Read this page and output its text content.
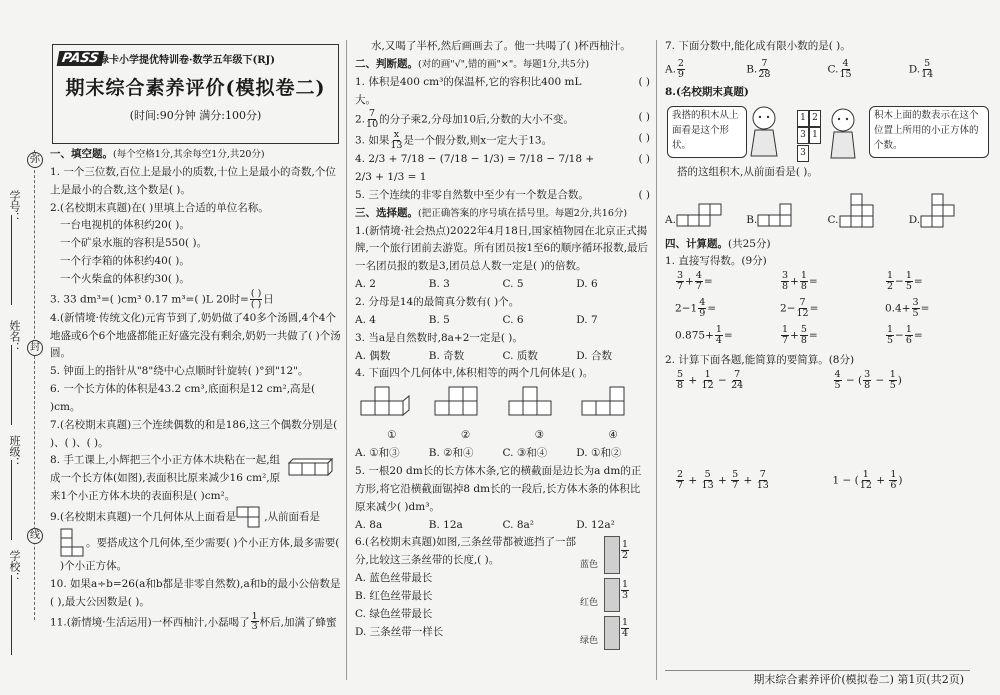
学号：
姓名：
班级：
学校：
弥
封
线
PASS 绿卡小学提优特训卷·数学五年级下(RJ)
期末综合素养评价(模拟卷二)
(时间:90分钟 满分:100分)

一、填空题。(每个空格1分,其余每空1分,共20分)

1. 一个三位数,百位上是最小的质数,十位上是最小的奇数,个位上是最小的合数,这个数是( )。

2.(名校期末真题)在( )里填上合适的单位名称。

一台电视机的体积约20( )。

一个矿泉水瓶的容积是550( )。

一个行李箱的体积约40( )。

一个火柴盒的体积约30( )。

3. 33 dm³=( )cm³ 0.17 m³=( )L 20时= $\frac{( )}{( )}$ 日

4.(新情境·传统文化)元宵节到了,奶奶做了40多个汤圆,4个4个地盛或6个6个地盛都能正好盛完没有剩余,奶奶一共做了( )个汤圆。

5. 钟面上的指针从"8"绕中心点顺时针旋转( )°到"12"。

6. 一个长方体的体积是43.2 cm³,底面积是12 cm²,高是( )cm。

7.(名校期末真题)三个连续偶数的和是186,这三个偶数分别是( )、( )、( )。

8. 手工课上,小辉把三个小正方体木块粘在一起,组成一个长方体(如图),表面积比原来减少16 cm²,原来1个小正方体木块的表面积是( )cm²。

9.(名校期末真题)一个几何体从上面看是	,从前面看是

。要搭成这个几何体,至少需要( )个小正方体,最多需要( )个小正方体。

10. 如果a÷b=26(a和b都是非零自然数),a和b的最小公倍数是( ),最大公因数是( )。

11.(新情境·生活运用)一杯西柚汁,小磊喝了 $\frac{1}{3}$ 杯后,加满了蜂蜜

水,又喝了半杯,然后画画去了。他一共喝了( )杯西柚汁。

二、判断题。(对的画"√",错的画"×"。每题1分,共5分)

1. 体积是400 cm³的保温杯,它的容积比400 mL大。
( )

2. $\frac{7}{10}$ 的分子乘2,分母加10后,分数的大小不变。	( )

3. 如果 $\frac{x}{13}$ 是一个假分数,则x一定大于13。	( )

4. 2/3 + 7/18 − (7/18 − 1/3) = 7/18 − 7/18 + 2/3 + 1/3 = 1
( )

5. 三个连续的非零自然数中至少有一个数是合数。	( )

三、选择题。(把正确答案的序号填在括号里。每题2分,共16分)

1.(新情境·社会热点)2022年4月18日,国家植物园在北京正式揭牌,一个旅行团前去游览。所有团员按1至6的顺序循环报数,最后一名团员报的数是3,团员总人数一定是( )的倍数。

A. 2	B. 3	C. 5	D. 6

2. 分母是14的最简真分数有( )个。

A. 4	B. 5	C. 6	D. 7

3. 当a是自然数时,8a+2一定是( )。

A. 偶数	B. 奇数	C. 质数	D. 合数

4. 下面四个几何体中,体积相等的两个几何体是( )。

①	②	③	④

A. ①和③	B. ②和④	C. ③和④	D. ①和②

5. 一根20 dm长的长方体木条,它的横截面是边长为a dm的正方形,将它沿横截面锯掉8 dm长的一段后,长方体木条的体积比原来减少( )dm³。

A. 8a	B. 12a	C. 8a²	D. 12a²

6.(名校期末真题)如图,三条丝带都被遮挡了一部分,比较这三条丝带的长度,( )。

A. 蓝色丝带最长

B. 红色丝带最长

C. 绿色丝带最长

D. 三条丝带一样长

蓝色
$\frac{1}{2}$
红色
$\frac{1}{3}$
绿色
$\frac{1}{4}$

7. 下面分数中,能化成有限小数的是( )。

A. $\frac{2}{9}$	B. $\frac{7}{28}$	C. $\frac{4}{15}$	D. $\frac{5}{14}$

8.(名校期末真题)

我搭的积木从上面看是这个形状。
1 2
3 1
3
积木上面的数表示在这个位置上所用的小正方体的个数。

搭的这组积木,从前面看是( )。

A.	B.	C.	D.

四、计算题。(共25分)

1. 直接写得数。(9分)

$\frac{3}{7} + \frac{4}{7}$ =	$\frac{3}{8} + \frac{1}{8}$ =	$\frac{1}{2} - \frac{1}{5}$ =
$2-1 \frac{4}{9}$ =	$2- \frac{7}{12}$ =	$0.4+ \frac{3}{5}$ =
$0.875+ \frac{1}{4}$ =	$\frac{1}{7} + \frac{5}{8}$ =	$\frac{1}{5} - \frac{1}{6}$ =

2. 计算下面各题,能简算的要简算。(8分)

$\frac{5}{8} + \frac{1}{12} - \frac{7}{24}$	$\frac{4}{5}$ − ( $\frac{3}{8} - \frac{1}{5}$ )
$\frac{2}{7} + \frac{5}{13} + \frac{5}{7} + \frac{7}{13}$	1 − ( $\frac{1}{12} + \frac{1}{6}$ )
期末综合素养评价(模拟卷二) 第1页(共2页)
